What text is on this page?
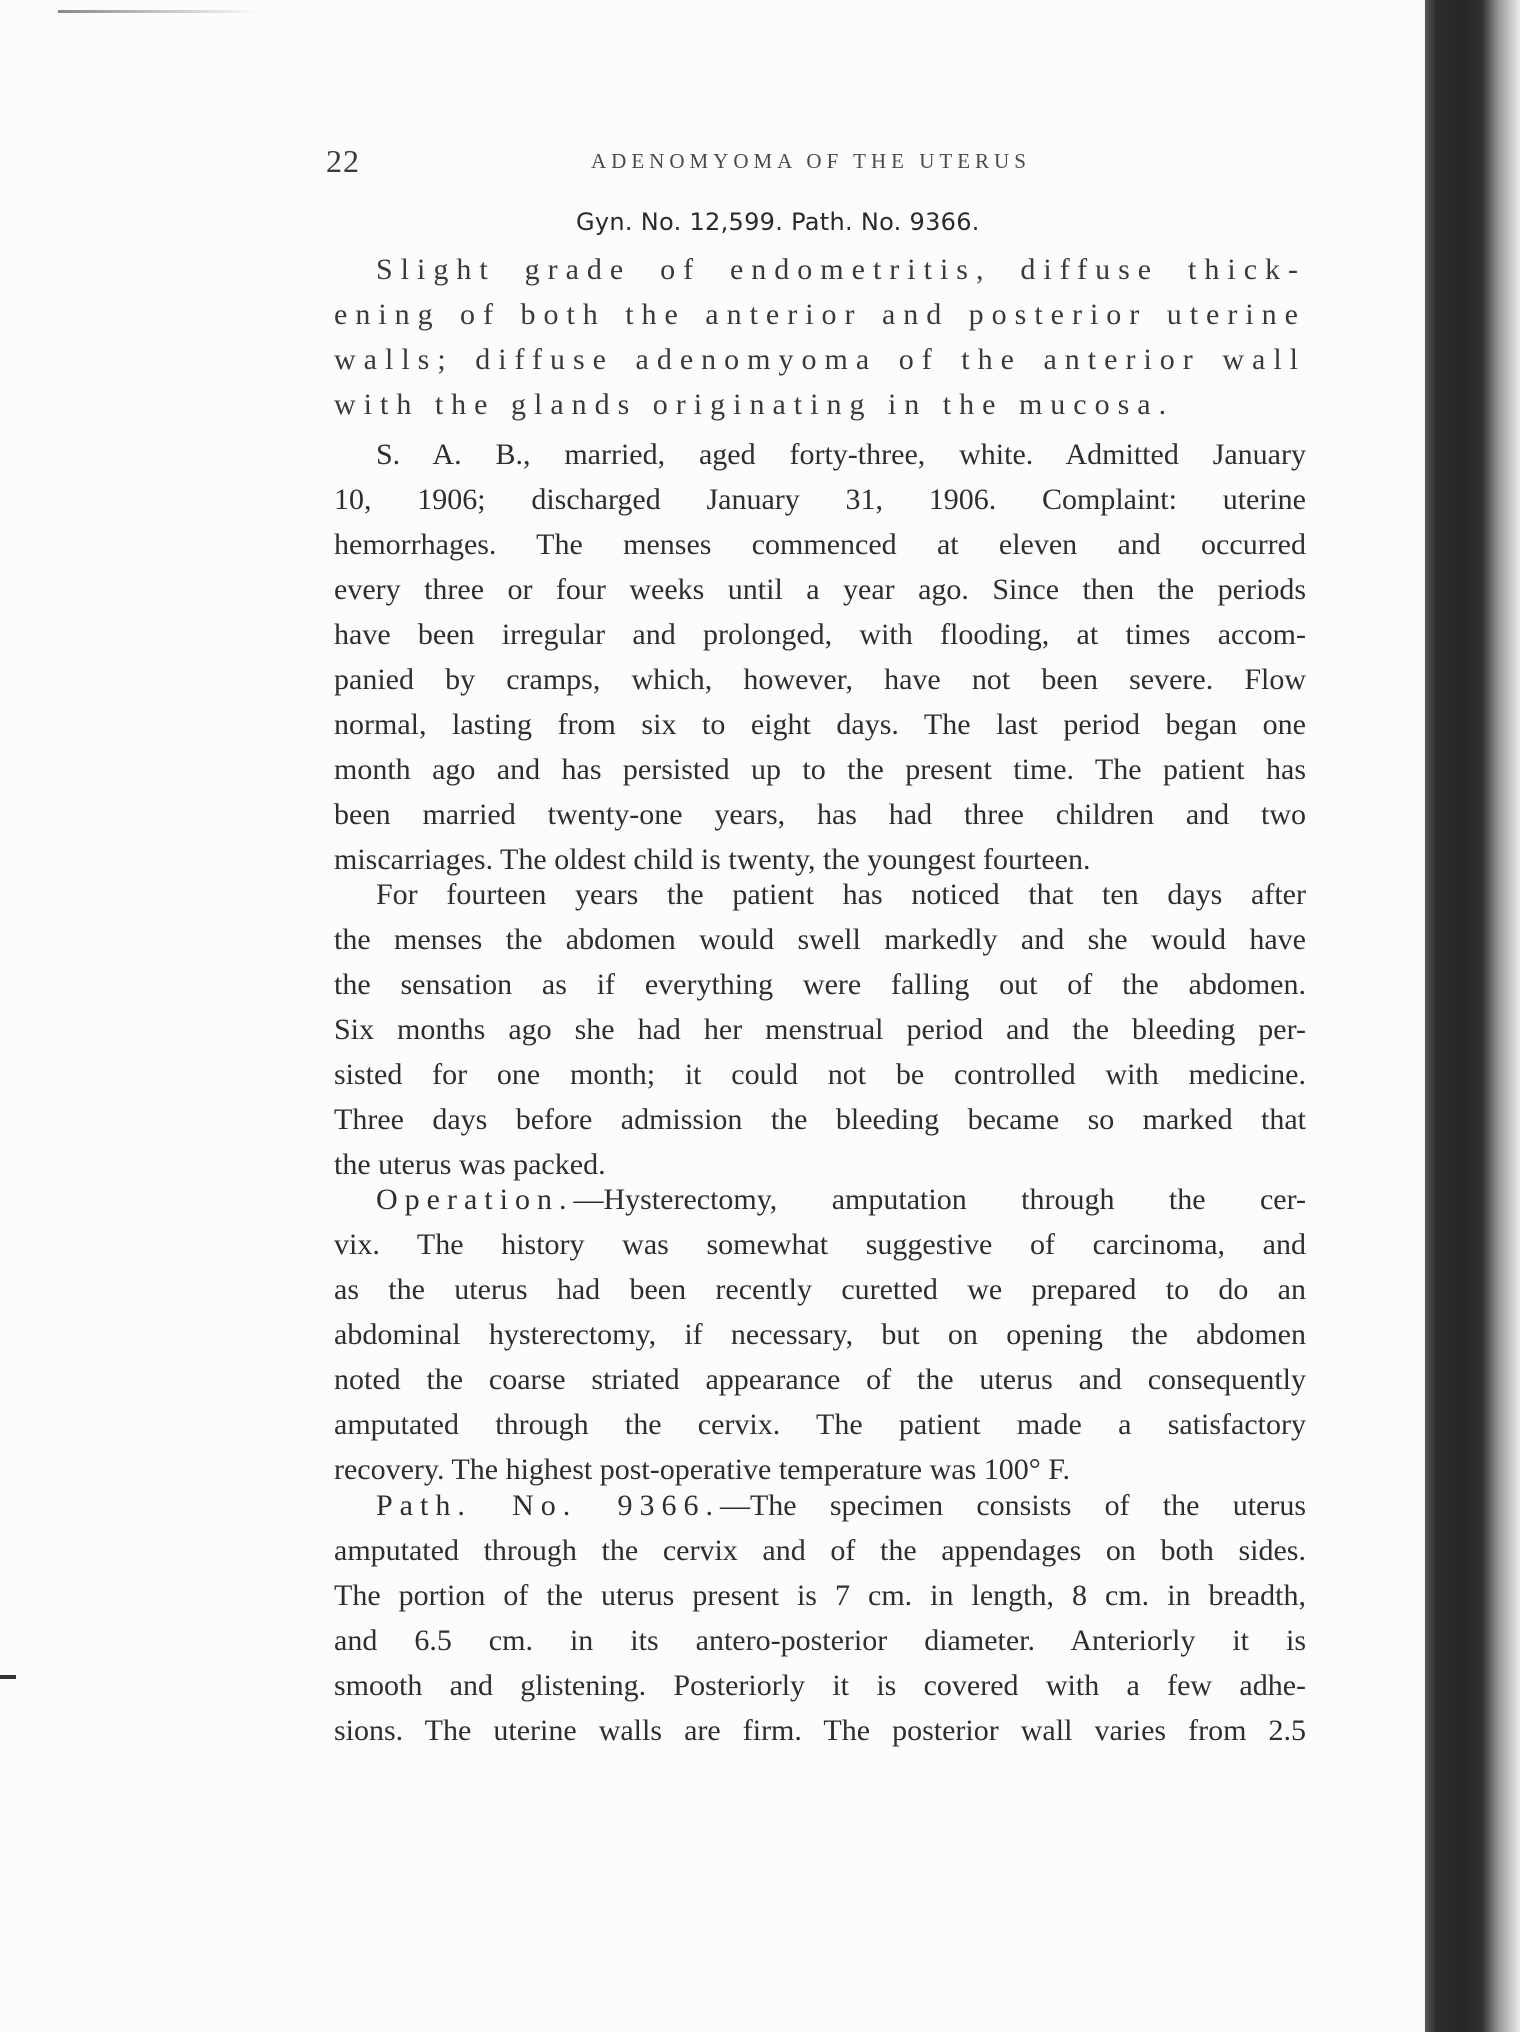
22	ADENOMYOMA OF THE UTERUS
Gyn. No. 12,599. Path. No. 9366.
Slight grade of endometritis, diffuse thick-
ening of both the anterior and posterior uterine
walls; diffuse adenomyoma of the anterior wall
with the glands originating in the mucosa.
S. A. B., married, aged forty-three, white. Admitted January
10, 1906; discharged January 31, 1906. Complaint: uterine
hemorrhages. The menses commenced at eleven and occurred
every three or four weeks until a year ago. Since then the periods
have been irregular and prolonged, with flooding, at times accom-
panied by cramps, which, however, have not been severe. Flow
normal, lasting from six to eight days. The last period began one
month ago and has persisted up to the present time. The patient has
been married twenty-one years, has had three children and two
miscarriages. The oldest child is twenty, the youngest fourteen.
For fourteen years the patient has noticed that ten days after
the menses the abdomen would swell markedly and she would have
the sensation as if everything were falling out of the abdomen.
Six months ago she had her menstrual period and the bleeding per-
sisted for one month; it could not be controlled with medicine.
Three days before admission the bleeding became so marked that
the uterus was packed.
Operation.—Hysterectomy, amputation through the cer-
vix. The history was somewhat suggestive of carcinoma, and
as the uterus had been recently curetted we prepared to do an
abdominal hysterectomy, if necessary, but on opening the abdomen
noted the coarse striated appearance of the uterus and consequently
amputated through the cervix. The patient made a satisfactory
recovery. The highest post-operative temperature was 100° F.
Path. No. 9366.—The specimen consists of the uterus
amputated through the cervix and of the appendages on both sides.
The portion of the uterus present is 7 cm. in length, 8 cm. in breadth,
and 6.5 cm. in its antero-posterior diameter. Anteriorly it is
smooth and glistening. Posteriorly it is covered with a few adhe-
sions. The uterine walls are firm. The posterior wall varies from 2.5
